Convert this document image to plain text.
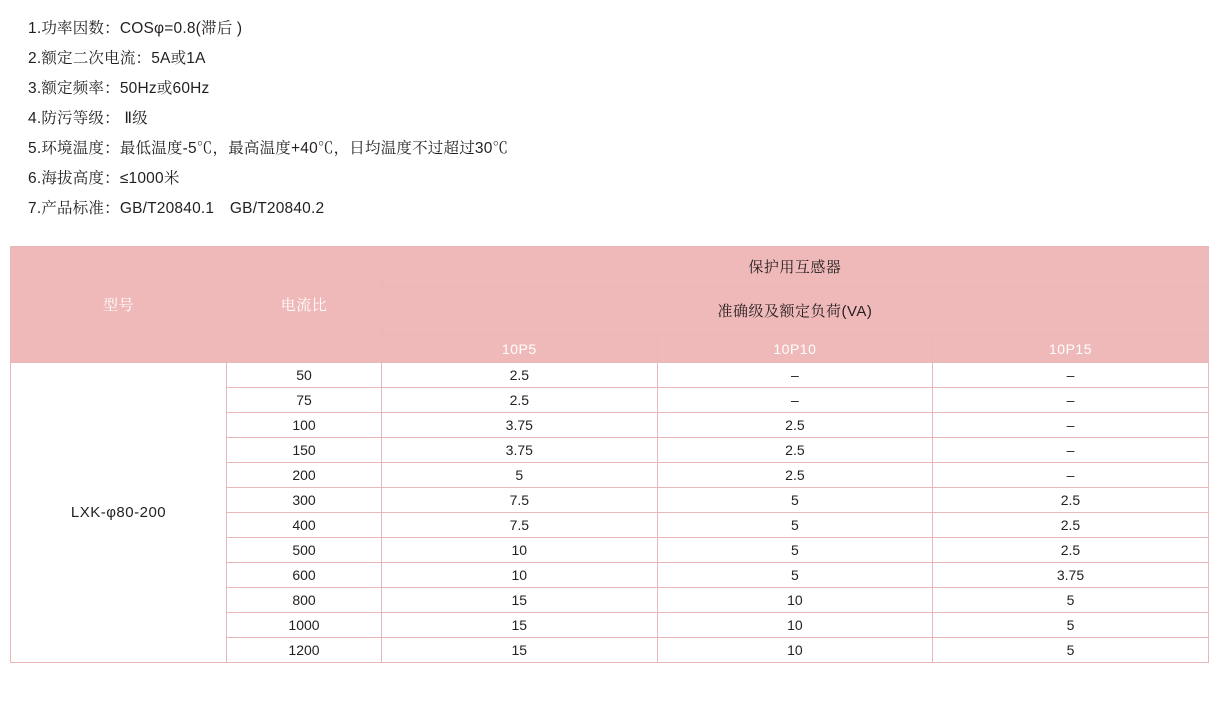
1.功率因数：COSφ=0.8(滞后 )
2.额定二次电流：5A或1A
3.额定频率：50Hz或60Hz
4.防污等级： Ⅱ级
5.环境温度：最低温度-5℃，最高温度+40℃，日均温度不过超过30℃
6.海拔高度：≤1000米
7.产品标准：GB/T20840.1　GB/T20840.2
型号	电流比	保护用互感器		
		准确级及额定负荷(VA)		
		10P5	10P10	10P15
LXK-φ80-200	50	2.5	–	–
	75	2.5	–	–
	100	3.75	2.5	–
	150	3.75	2.5	–
	200	5	2.5	–
	300	7.5	5	2.5
	400	7.5	5	2.5
	500	10	5	2.5
	600	10	5	3.75
	800	15	10	5
	1000	15	10	5
	1200	15	10	5
